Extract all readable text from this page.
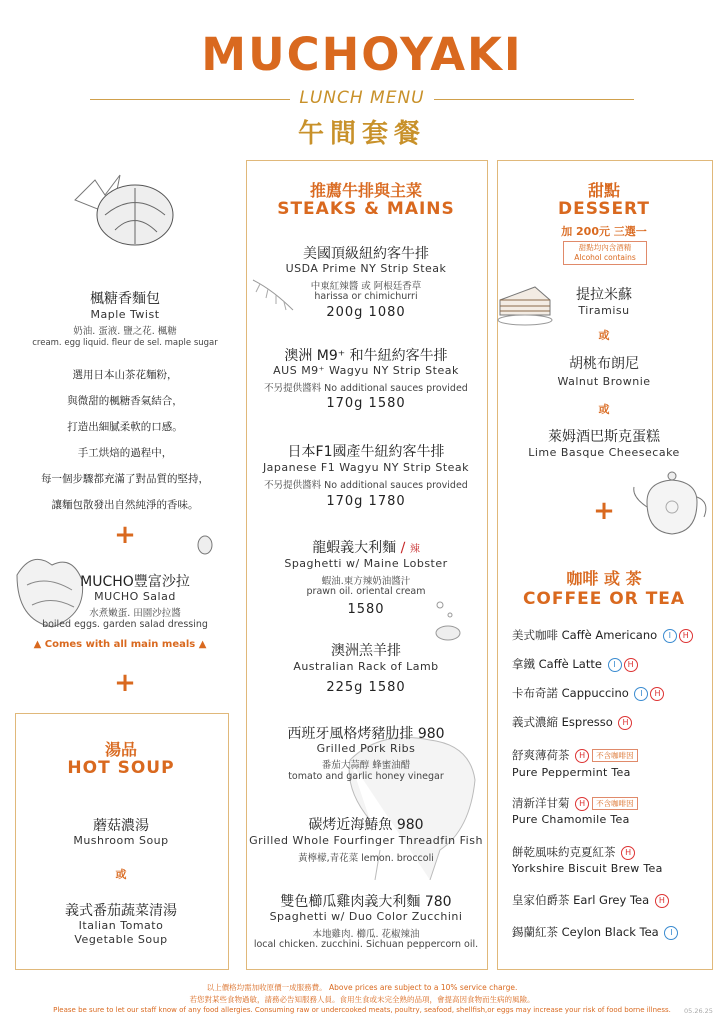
MUCHOYAKI
LUNCH MENU
午間套餐
楓糖香麵包
Maple Twist
奶油. 蛋液. 鹽之花. 楓糖
cream. egg liquid. fleur de sel. maple sugar
選用日本山茶花麵粉，
與微甜的楓糖香氣結合，
打造出細膩柔軟的口感。
手工烘焙的過程中，
每一個步驟都充滿了對品質的堅持，
讓麵包散發出自然純淨的香味。
+
MUCHO豐富沙拉
MUCHO Salad
水煮嫩蛋. 田園沙拉醬
boiled eggs. garden salad dressing
▲ Comes with all main meals ▲
+
湯品
HOT SOUP
蘑菇濃湯
Mushroom Soup
或
義式番茄蔬菜清湯
Italian Tomato
Vegetable Soup
推薦牛排與主菜
STEAKS & MAINS
美國頂級紐約客牛排
USDA Prime NY Strip Steak
中東紅辣醬 或 阿根廷香草
harissa or chimichurri
200g 1080
澳洲 M9⁺ 和牛紐約客牛排
AUS M9⁺ Wagyu NY Strip Steak
不另提供醬料 No additional sauces provided
170g 1580
日本F1國產牛紐約客牛排
Japanese F1 Wagyu NY Strip Steak
不另提供醬料 No additional sauces provided
170g 1780
龍蝦義大利麵 ∕ 辣
Spaghetti w/ Maine Lobster
蝦油.東方辣奶油醬汁
prawn oil. oriental cream
1580
澳洲羔羊排
Australian Rack of Lamb
225g 1580
西班牙風格烤豬肋排 980
Grilled Pork Ribs
番茄大蒜醇 蜂蜜油醋
tomato and garlic honey vinegar
碳烤近海鰆魚 980
Grilled Whole Fourfinger Threadfin Fish
黃檸檬,青花菜 lemon. broccoli
雙色櫛瓜雞肉義大利麵 780
Spaghetti w/ Duo Color Zucchini
本地雞肉. 櫛瓜. 花椒辣油
local chicken. zucchini. Sichuan peppercorn oil.
甜點
DESSERT
加 200元 三選一
甜點均內含酒精
Alcohol contains
提拉米蘇
Tiramisu
或
胡桃布朗尼
Walnut Brownie
或
萊姆酒巴斯克蛋糕
Lime Basque Cheesecake
+
咖啡 或 茶
COFFEE OR TEA
美式咖啡 Caffè Americano I H
拿鐵 Caffè Latte I H
卡布奇諾 Cappuccino I H
義式濃縮 Espresso H
舒爽薄荷茶 H 不含咖啡因
Pure Peppermint Tea
清新洋甘菊 H 不含咖啡因
Pure Chamomile Tea
餅乾風味約克夏紅茶 H
Yorkshire Biscuit Brew Tea
皇家伯爵茶 Earl Grey Tea H
錫蘭紅茶 Ceylon Black Tea I
以上價格均需加收原價一成服務費。 Above prices are subject to a 10% service charge.
若您對某些食物過敏，請務必告知服務人員。食用生食或未完全熟的品項，會提高因食物而生病的風險。
Please be sure to let our staff know of any food allergies. Consuming raw or undercooked meats, poultry, seafood, shellfish,or eggs may increase your risk of food borne illness.	05.26.25
